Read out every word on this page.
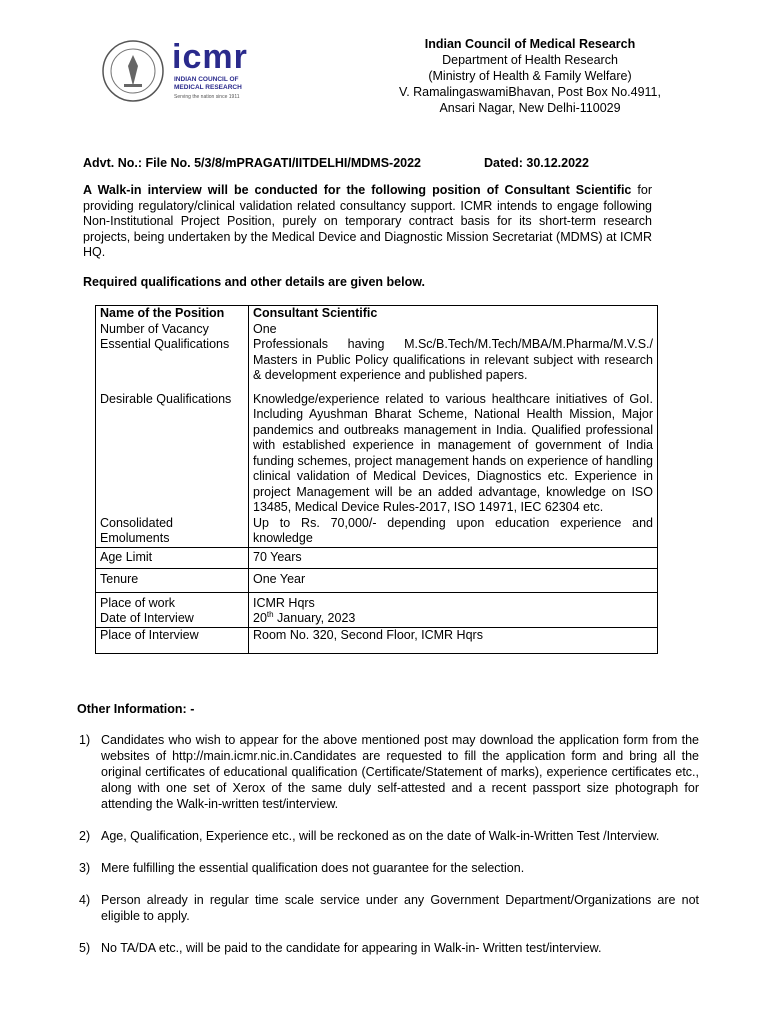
icmr
INDIAN COUNCIL OF
MEDICAL RESEARCH
Serving the nation since 1911
Indian Council of Medical Research
Department of Health Research
(Ministry of Health & Family Welfare)
V. RamalingaswamiBhavan, Post Box No.4911,
Ansari Nagar, New Delhi-110029
Advt. No.: File No. 5/3/8/mPRAGATI/IITDELHI/MDMS-2022	Dated: 30.12.2022
A Walk-in interview will be conducted for the following position of Consultant Scientific for providing regulatory/clinical validation related consultancy support. ICMR intends to engage following Non-Institutional Project Position, purely on temporary contract basis for its short-term research projects, being undertaken by the Medical Device and Diagnostic Mission Secretariat (MDMS) at ICMR HQ.
Required qualifications and other details are given below.
Name of the Position	Consultant Scientific
Number of Vacancy	One
Essential Qualifications	Professionals having M.Sc/B.Tech/M.Tech/MBA/M.Pharma/M.V.S./ Masters in Public Policy qualifications in relevant subject with research & development experience and published papers.

Desirable Qualifications	Knowledge/experience related to various healthcare initiatives of GoI. Including Ayushman Bharat Scheme, National Health Mission, Major pandemics and outbreaks management in India. Qualified professional with established experience in management of government of India funding schemes, project management hands on experience of handling clinical validation of Medical Devices, Diagnostics etc. Experience in project Management will be an added advantage, knowledge on ISO 13485, Medical Device Rules-2017, ISO 14971, IEC 62304 etc.
Consolidated Emoluments	Up to Rs. 70,000/- depending upon education experience and knowledge
Age Limit	70 Years
Tenure	One Year
Place of work	ICMR Hqrs
Date of Interview	20th January, 2023
Place of Interview	Room No. 320, Second Floor, ICMR Hqrs
Other Information: -
1) Candidates who wish to appear for the above mentioned post may download the application form from the websites of http://main.icmr.nic.in.Candidates are requested to fill the application form and bring all the original certificates of educational qualification (Certificate/Statement of marks), experience certificates etc., along with one set of Xerox of the same duly self-attested and a recent passport size photograph for attending the Walk-in-written test/interview.
2) Age, Qualification, Experience etc., will be reckoned as on the date of Walk-in-Written Test /Interview.
3) Mere fulfilling the essential qualification does not guarantee for the selection.
4) Person already in regular time scale service under any Government Department/Organizations are not eligible to apply.
5) No TA/DA etc., will be paid to the candidate for appearing in Walk-in- Written test/interview.
